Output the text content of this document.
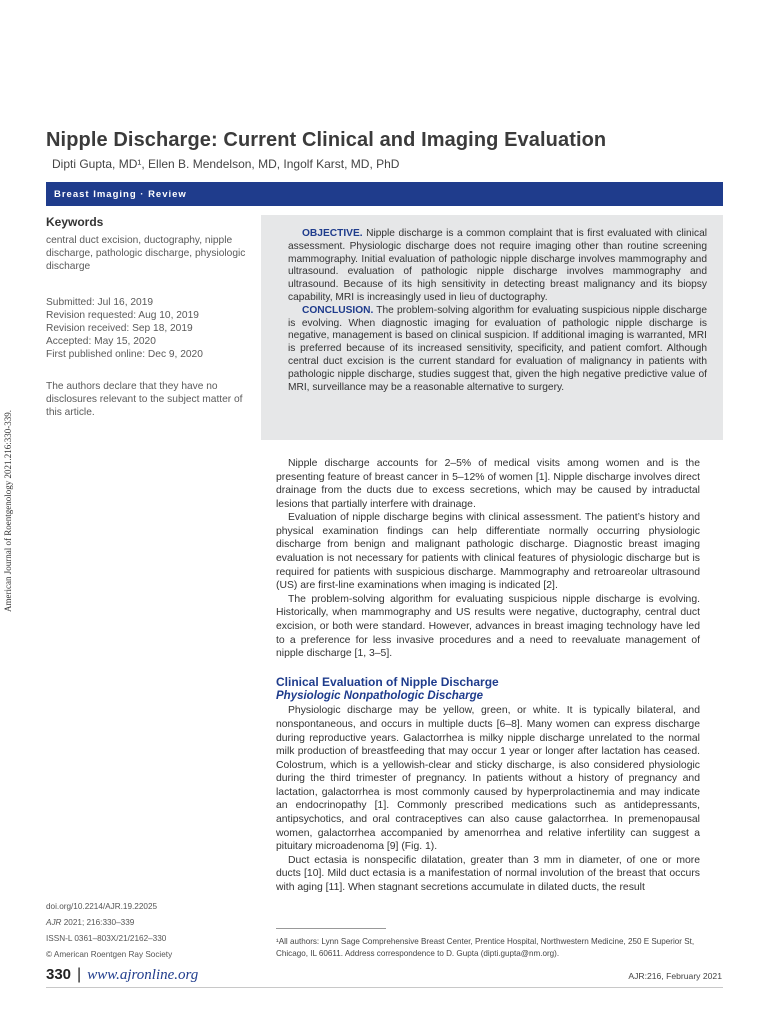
American Journal of Roentgenology 2021.216:330-339.
Nipple Discharge: Current Clinical and Imaging Evaluation
Dipti Gupta, MD¹, Ellen B. Mendelson, MD, Ingolf Karst, MD, PhD
Breast Imaging · Review
Keywords

central duct excision, ductography, nipple discharge, pathologic discharge, physiologic discharge

Submitted: Jul 16, 2019
Revision requested: Aug 10, 2019
Revision received: Sep 18, 2019
Accepted: May 15, 2020
First published online: Dec 9, 2020
The authors declare that they have no disclosures relevant to the subject matter of this article.

OBJECTIVE. Nipple discharge is a common complaint that is first evaluated with clinical assessment. Physiologic discharge does not require imaging other than routine screening mammography. Initial evaluation of pathologic nipple discharge involves mammography and ultrasound. evaluation of pathologic nipple discharge involves mammography and ultrasound. Because of its high sensitivity in detecting breast malignancy and its biopsy capability, MRI is increasingly used in lieu of ductography.

CONCLUSION. The problem-solving algorithm for evaluating suspicious nipple discharge is evolving. When diagnostic imaging for evaluation of pathologic nipple discharge is negative, management is based on clinical suspicion. If additional imaging is warranted, MRI is preferred because of its increased sensitivity, specificity, and patient comfort. Although central duct excision is the current standard for evaluation of malignancy in patients with pathologic nipple discharge, studies suggest that, given the high negative predictive value of MRI, surveillance may be a reasonable alternative to surgery.

Nipple discharge accounts for 2–5% of medical visits among women and is the presenting feature of breast cancer in 5–12% of women [1]. Nipple discharge involves direct drainage from the ducts due to excess secretions, which may be caused by intraductal lesions that partially interfere with drainage.

Evaluation of nipple discharge begins with clinical assessment. The patient’s history and physical examination findings can help differentiate normally occurring physiologic discharge from benign and malignant pathologic discharge. Diagnostic breast imaging evaluation is not necessary for patients with clinical features of physiologic discharge but is required for patients with suspicious discharge. Mammography and retroareolar ultrasound (US) are first-line examinations when imaging is indicated [2].

The problem-solving algorithm for evaluating suspicious nipple discharge is evolving. Historically, when mammography and US results were negative, ductography, central duct excision, or both were standard. However, advances in breast imaging technology have led to a preference for less invasive procedures and a need to reevaluate management of nipple discharge [1, 3–5].

Clinical Evaluation of Nipple Discharge
Physiologic Nonpathologic Discharge

Physiologic discharge may be yellow, green, or white. It is typically bilateral, and nonspontaneous, and occurs in multiple ducts [6–8]. Many women can express discharge during reproductive years. Galactorrhea is milky nipple discharge unrelated to the normal milk production of breastfeeding that may occur 1 year or longer after lactation has ceased. Colostrum, which is a yellowish-clear and sticky discharge, is also considered physiologic during the third trimester of pregnancy. In patients without a history of pregnancy and lactation, galactorrhea is most commonly caused by hyperprolactinemia and may indicate an endocrinopathy [1]. Commonly prescribed medications such as antidepressants, antipsychotics, and oral contraceptives can also cause galactorrhea. In premenopausal women, galactorrhea accompanied by amenorrhea and relative infertility can suggest a pituitary microadenoma [9] (Fig. 1).

Duct ectasia is nonspecific dilatation, greater than 3 mm in diameter, of one or more ducts [10]. Mild duct ectasia is a manifestation of normal involution of the breast that occurs with aging [11]. When stagnant secretions accumulate in dilated ducts, the result

¹All authors: Lynn Sage Comprehensive Breast Center, Prentice Hospital, Northwestern Medicine, 250 E Superior St, Chicago, IL 60611. Address correspondence to D. Gupta (dipti.gupta@nm.org).
doi.org/10.2214/AJR.19.22025
AJR 2021; 216:330–339
ISSN-L 0361–803X/21/2162–330
© American Roentgen Ray Society
330 | www.ajronline.org	AJR:216, February 2021
